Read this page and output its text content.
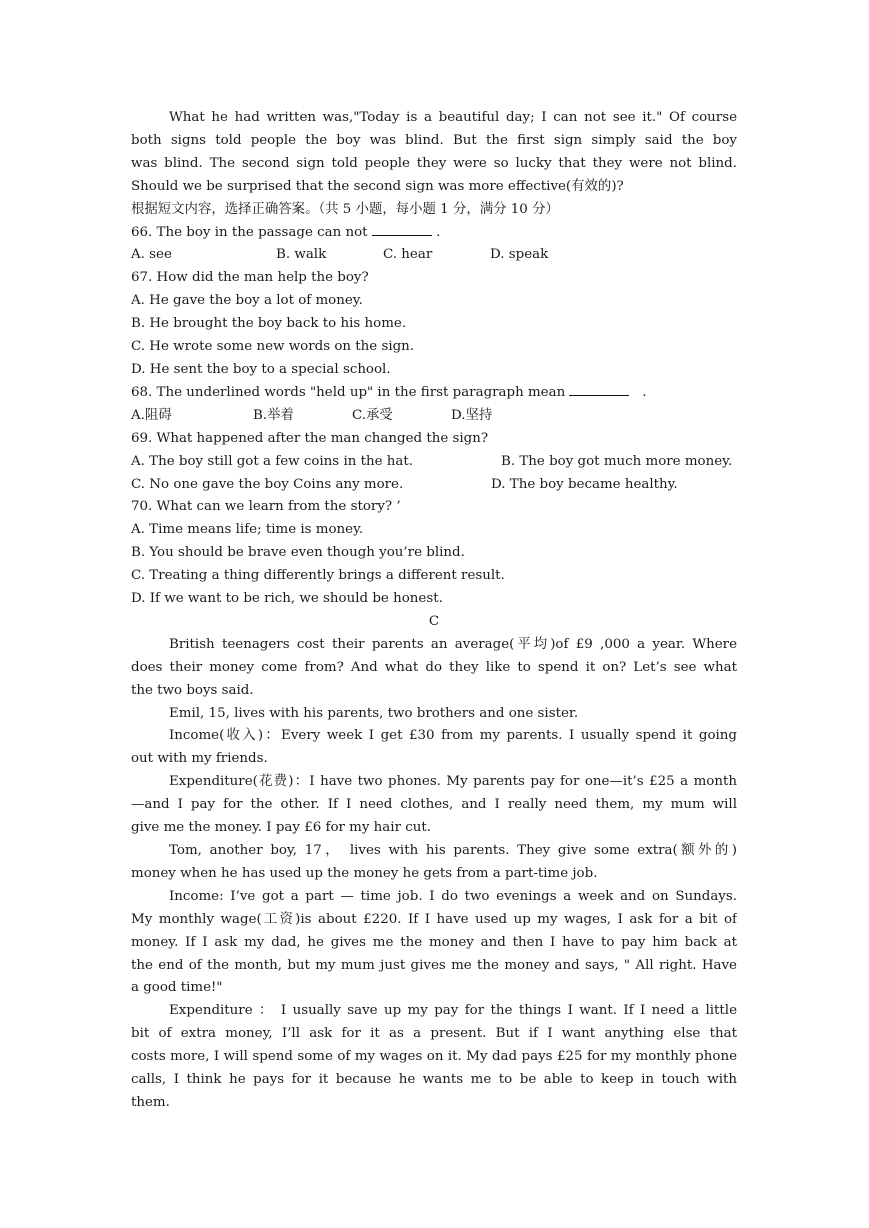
What he had written was,"Today is a beautiful day; I can not see it." Of course
both signs told people the boy was blind. But the first sign simply said the boy
was blind. The second sign told people they were so lucky that they were not blind.
Should we be surprised that the second sign was more effective(有效的)?
根据短文内容，选择正确答案。（共 5 小题，每小题 1 分，满分 10 分）
66. The boy in the passage can not	.
A. see	B. walk	C. hear	D. speak
67. How did the man help the boy?
A. He gave the boy a lot of money.
B. He brought the boy back to his home.
C. He wrote some new words on the sign.
D. He sent the boy to a special school.
68. The underlined words "held up" in the first paragraph mean	.
A.阻碍	B.举着	C.承受	D.坚持
69. What happened after the man changed the sign?
A. The boy still got a few coins in the hat.	B. The boy got much more money.
C. No one gave the boy Coins any more.	D. The boy became healthy.
70. What can we learn from the story? ’
A. Time means life; time is money.
B. You should be brave even though you’re blind.
C. Treating a thing differently brings a different result.
D. If we want to be rich, we should be honest.
C
British teenagers cost their parents an average(平均)of £9 ,000 a year. Where
does their money come from? And what do they like to spend it on? Let’s see what
the two boys said.
Emil, 15, lives with his parents, two brothers and one sister.
Income(收入)：Every week I get £30 from my parents. I usually spend it going
out with my friends.
Expenditure(花费)：I have two phones. My parents pay for one—it’s £25 a month
—and I pay for the other. If I need clothes, and I really need them, my mum will
give me the money. I pay £6 for my hair cut.
Tom, another boy, 17， lives with his parents. They give some extra(额外的)
money when he has used up the money he gets from a part-time job.
Income: I’ve got a part — time job. I do two evenings a week and on Sundays.
My monthly wage(工资)is about £220. If I have used up my wages, I ask for a bit of
money. If I ask my dad, he gives me the money and then I have to pay him back at
the end of the month, but my mum just gives me the money and says, " All right. Have
a good time!"
Expenditure ： I usually save up my pay for the things I want. If I need a little
bit of extra money, I’ll ask for it as a present. But if I want anything else that
costs more, I will spend some of my wages on it. My dad pays £25 for my monthly phone
calls, I think he pays for it because he wants me to be able to keep in touch with
them.
